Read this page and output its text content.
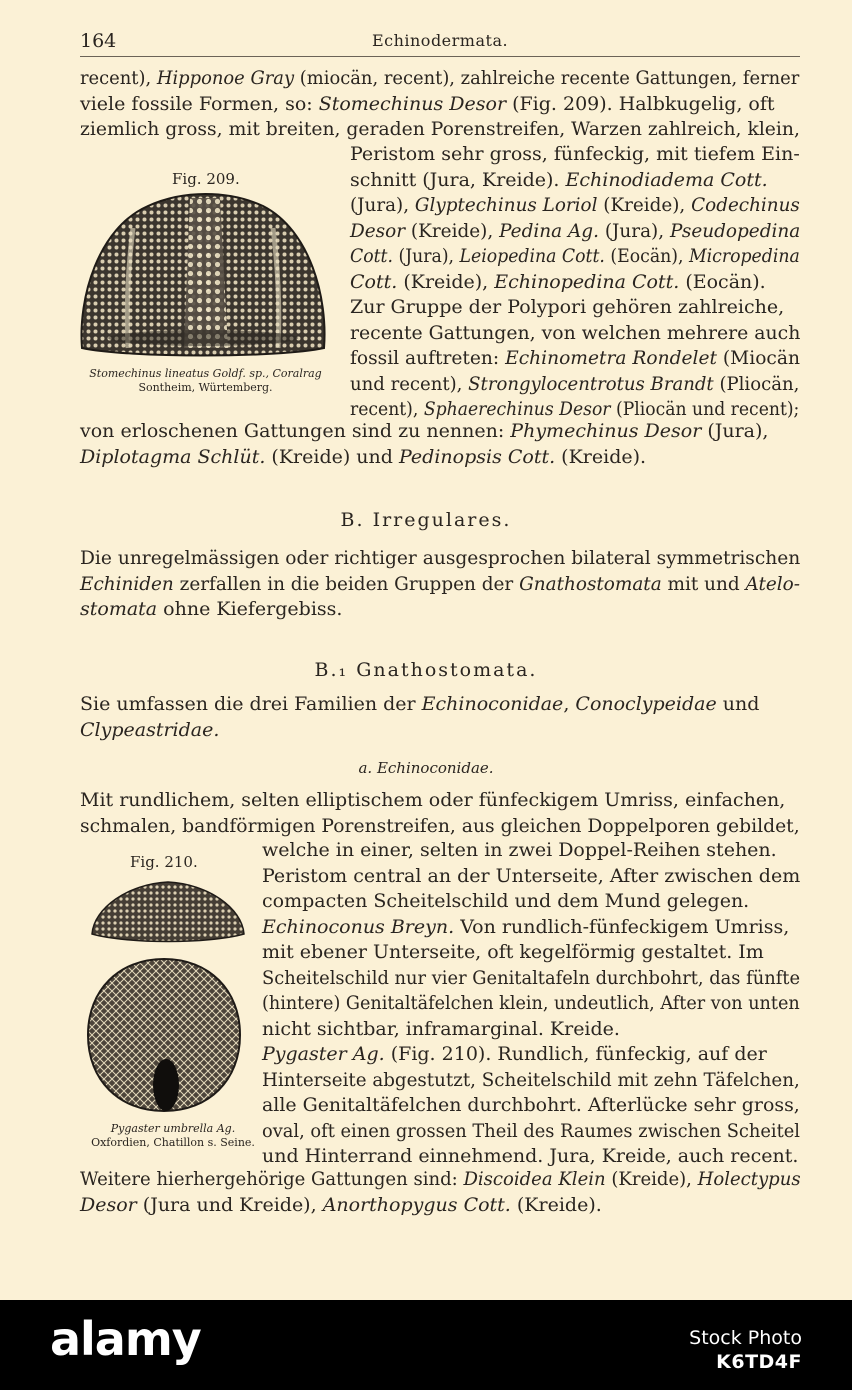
164	Echinodermata.
Fig. 209.
Stomechinus lineatus Goldf. sp., Coralrag
Sontheim, Würtemberg.
Fig. 210.
Pygaster umbrella Ag.
Oxfordien, Chatillon s. Seine.
B. Irregulares.
B.₁ Gnathostomata.
a. Echinoconidae.
recent), Hipponoe Gray (miocän, recent), zahlreiche recente Gattungen, ferner
viele fossile Formen, so: Stomechinus Desor (Fig. 209). Halbkugelig, oft
ziemlich gross, mit breiten, geraden Porenstreifen, Warzen zahlreich, klein,
Peristom sehr gross, fünfeckig, mit tiefem Ein-
schnitt (Jura, Kreide). Echinodiadema Cott.
(Jura), Glyptechinus Loriol (Kreide), Codechinus
Desor (Kreide), Pedina Ag. (Jura), Pseudopedina
Cott. (Jura), Leiopedina Cott. (Eocän), Micropedina
Cott. (Kreide), Echinopedina Cott. (Eocän).
Zur Gruppe der Polypori gehören zahlreiche,
recente Gattungen, von welchen mehrere auch
fossil auftreten: Echinometra Rondelet (Miocän
und recent), Strongylocentrotus Brandt (Pliocän,
recent), Sphaerechinus Desor (Pliocän und recent);
von erloschenen Gattungen sind zu nennen: Phymechinus Desor (Jura),
Diplotagma Schlüt. (Kreide) und Pedinopsis Cott. (Kreide).
Die unregelmässigen oder richtiger ausgesprochen bilateral symmetrischen
Echiniden zerfallen in die beiden Gruppen der Gnathostomata mit und Atelo-
stomata ohne Kiefergebiss.
Sie umfassen die drei Familien der Echinoconidae, Conoclypeidae und
Clypeastridae.
Mit rundlichem, selten elliptischem oder fünfeckigem Umriss, einfachen,
schmalen, bandförmigen Porenstreifen, aus gleichen Doppelporen gebildet,
welche in einer, selten in zwei Doppel-Reihen stehen.
Peristom central an der Unterseite, After zwischen dem
compacten Scheitelschild und dem Mund gelegen.
Echinoconus Breyn. Von rundlich-fünfeckigem Umriss,
mit ebener Unterseite, oft kegelförmig gestaltet. Im
Scheitelschild nur vier Genitaltafeln durchbohrt, das fünfte
(hintere) Genitaltäfelchen klein, undeutlich, After von unten
nicht sichtbar, inframarginal. Kreide.
Pygaster Ag. (Fig. 210). Rundlich, fünfeckig, auf der
Hinterseite abgestutzt, Scheitelschild mit zehn Täfelchen,
alle Genitaltäfelchen durchbohrt. Afterlücke sehr gross,
oval, oft einen grossen Theil des Raumes zwischen Scheitel
und Hinterrand einnehmend. Jura, Kreide, auch recent.
Weitere hierhergehörige Gattungen sind: Discoidea Klein (Kreide), Holectypus
Desor (Jura und Kreide), Anorthopygus Cott. (Kreide).
alamy	Stock Photo
K6TD4F
